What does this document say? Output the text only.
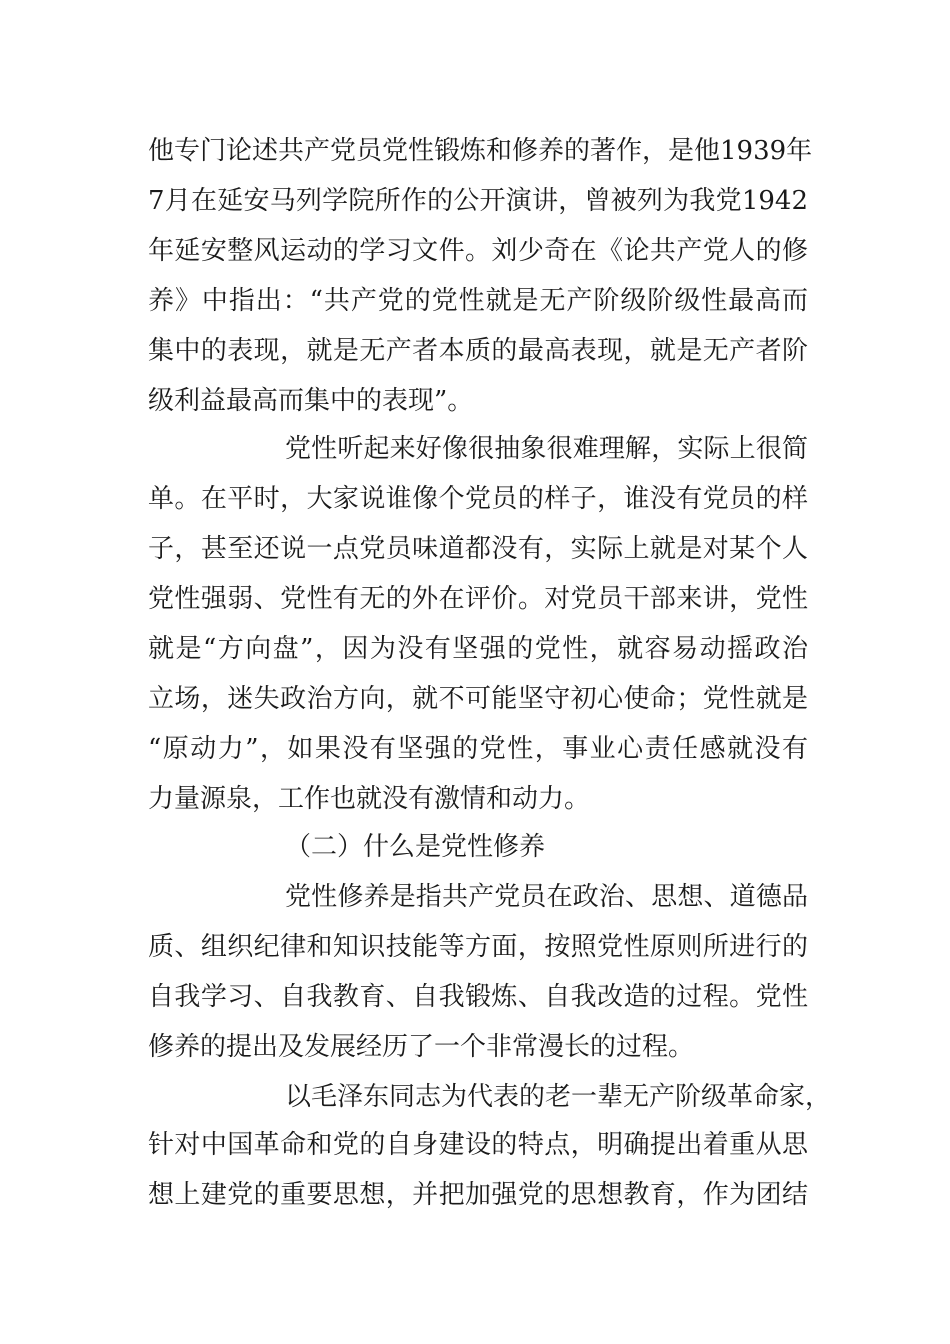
他专门论述共产党员党性锻炼和修养的著作，是他1939年
7月在延安马列学院所作的公开演讲，曾被列为我党1942
年延安整风运动的学习文件。刘少奇在《论共产党人的修
养》中指出：“共产党的党性就是无产阶级阶级性最高而
集中的表现，就是无产者本质的最高表现，就是无产者阶
级利益最高而集中的表现”。
党性听起来好像很抽象很难理解，实际上很简
单。在平时，大家说谁像个党员的样子，谁没有党员的样
子，甚至还说一点党员味道都没有，实际上就是对某个人
党性强弱、党性有无的外在评价。对党员干部来讲，党性
就是“方向盘”，因为没有坚强的党性，就容易动摇政治
立场，迷失政治方向，就不可能坚守初心使命；党性就是
“原动力”，如果没有坚强的党性，事业心责任感就没有
力量源泉，工作也就没有激情和动力。
（二）什么是党性修养
党性修养是指共产党员在政治、思想、道德品
质、组织纪律和知识技能等方面，按照党性原则所进行的
自我学习、自我教育、自我锻炼、自我改造的过程。党性
修养的提出及发展经历了一个非常漫长的过程。
以毛泽东同志为代表的老一辈无产阶级革命家，
针对中国革命和党的自身建设的特点，明确提出着重从思
想上建党的重要思想，并把加强党的思想教育，作为团结
